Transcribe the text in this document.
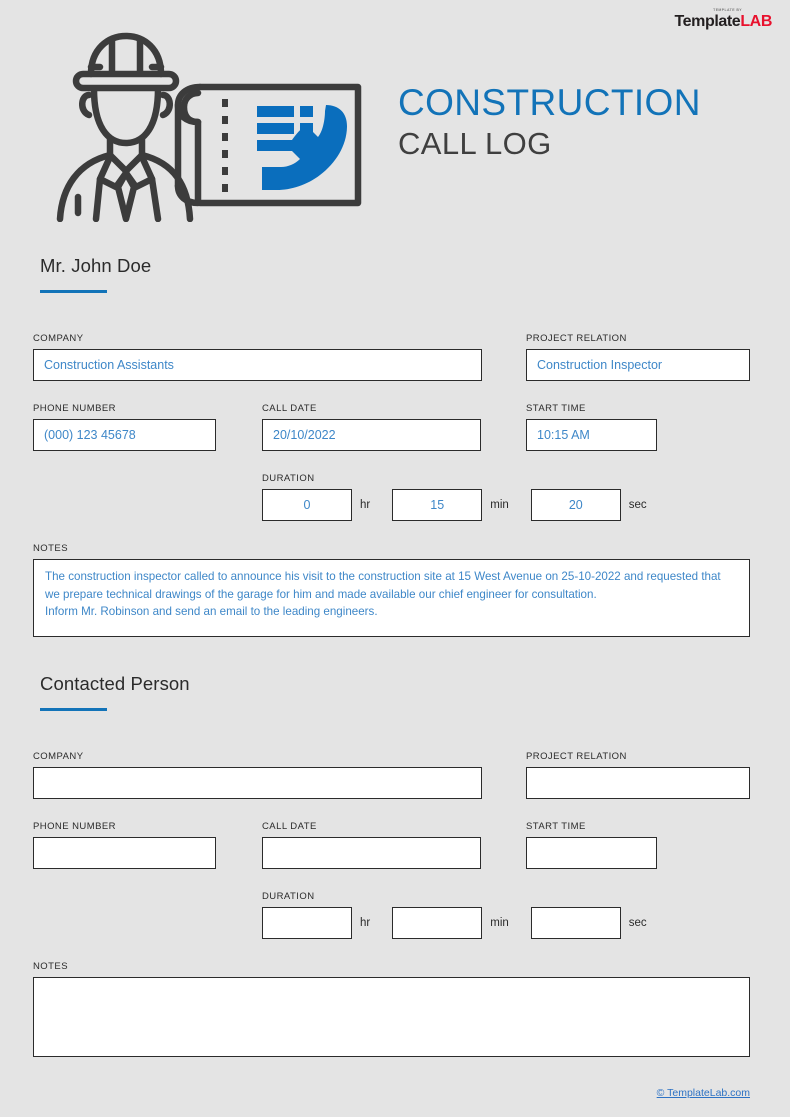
TEMPLATE BY
TemplateLAB
CONSTRUCTION
CALL LOG
Mr. John Doe
COMPANY
Construction Assistants
PROJECT RELATION
Construction Inspector
PHONE NUMBER
(000) 123 45678
CALL DATE
20/10/2022
START TIME
10:15 AM
DURATION
0	hr	15	min	20	sec
NOTES

The construction inspector called to announce his visit to the construction site at 15 West Avenue on 25-10-2022 and requested that we prepare technical drawings of the garage for him and made available our chief engineer for consultation.

Inform Mr. Robinson and send an email to the leading engineers.

Contacted Person
COMPANY	PROJECT RELATION
PHONE NUMBER	CALL DATE	START TIME
DURATION
hr	min	sec
NOTES
© TemplateLab.com
